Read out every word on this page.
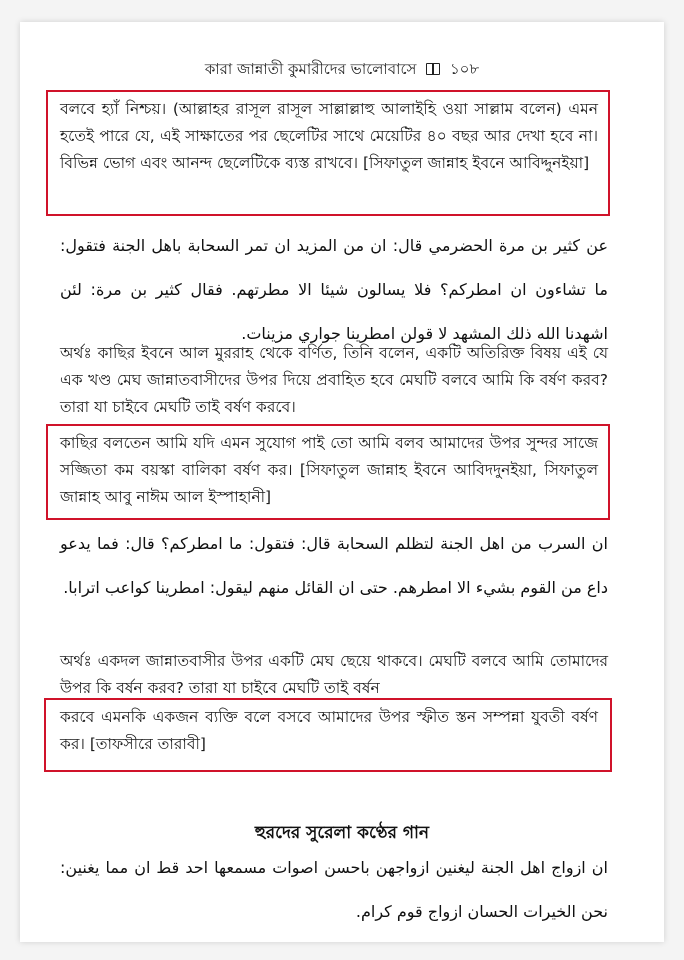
কারা জান্নাতী কুমারীদের ভালোবাসে ১০৮
বলবে হ্যাঁ নিশ্চয়। (আল্লাহর রাসূল রাসূল সাল্লাল্লাহু আলাইহি ওয়া সাল্লাম বলেন) এমন হতেই পারে যে, এই সাক্ষাতের পর ছেলেটির সাথে মেয়েটির ৪০ বছর আর দেখা হবে না। বিভিন্ন ভোগ এবং আনন্দ ছেলেটিকে ব্যস্ত রাখবে। [সিফাতুল জান্নাহ ইবনে আবিদ্দুনইয়া]
عن كثير بن مرة الحضرمي قال: ان من المزيد ان تمر السحابة باهل الجنة فتقول: ما تشاءون ان امطركم؟ فلا يسالون شيئا الا مطرتهم. فقال كثير بن مرة: لئن اشهدنا الله ذلك المشهد لا قولن امطرينا جواري مزينات.
অর্থঃ কাছির ইবনে আল মুররাহ থেকে বর্ণিত, তিনি বলেন, একটি অতিরিক্ত বিষয় এই যে এক খণ্ড মেঘ জান্নাতবাসীদের উপর দিয়ে প্রবাহিত হবে মেঘটি বলবে আমি কি বর্ষণ করব? তারা যা চাইবে মেঘটি তাই বর্ষণ করবে।
কাছির বলতেন আমি যদি এমন সুযোগ পাই তো আমি বলব আমাদের উপর সুন্দর সাজে সজ্জিতা কম বয়স্কা বালিকা বর্ষণ কর। [সিফাতুল জান্নাহ ইবনে আবিদদুনইয়া, সিফাতুল জান্নাহ আবু নাঈম আল ইস্পাহানী]
ان السرب من اهل الجنة لتظلم السحابة قال: فتقول: ما امطركم؟ قال: فما يدعو داع من القوم بشيء الا امطرهم. حتى ان القائل منهم ليقول: امطرينا كواعب اترابا.
অর্থঃ একদল জান্নাতবাসীর উপর একটি মেঘ ছেয়ে থাকবে। মেঘটি বলবে আমি তোমাদের উপর কি বর্ষন করব? তারা যা চাইবে মেঘটি তাই বর্ষন
করবে এমনকি একজন ব্যক্তি বলে বসবে আমাদের উপর স্ফীত স্তন সম্পন্না যুবতী বর্ষণ কর। [তাফসীরে তারাবী]
হুরদের সুরেলা কণ্ঠের গান
ان ازواج اهل الجنة ليغنين ازواجهن باحسن اصوات مسمعها احد قط ان مما يغنين: نحن الخيرات الحسان ازواج قوم كرام.
